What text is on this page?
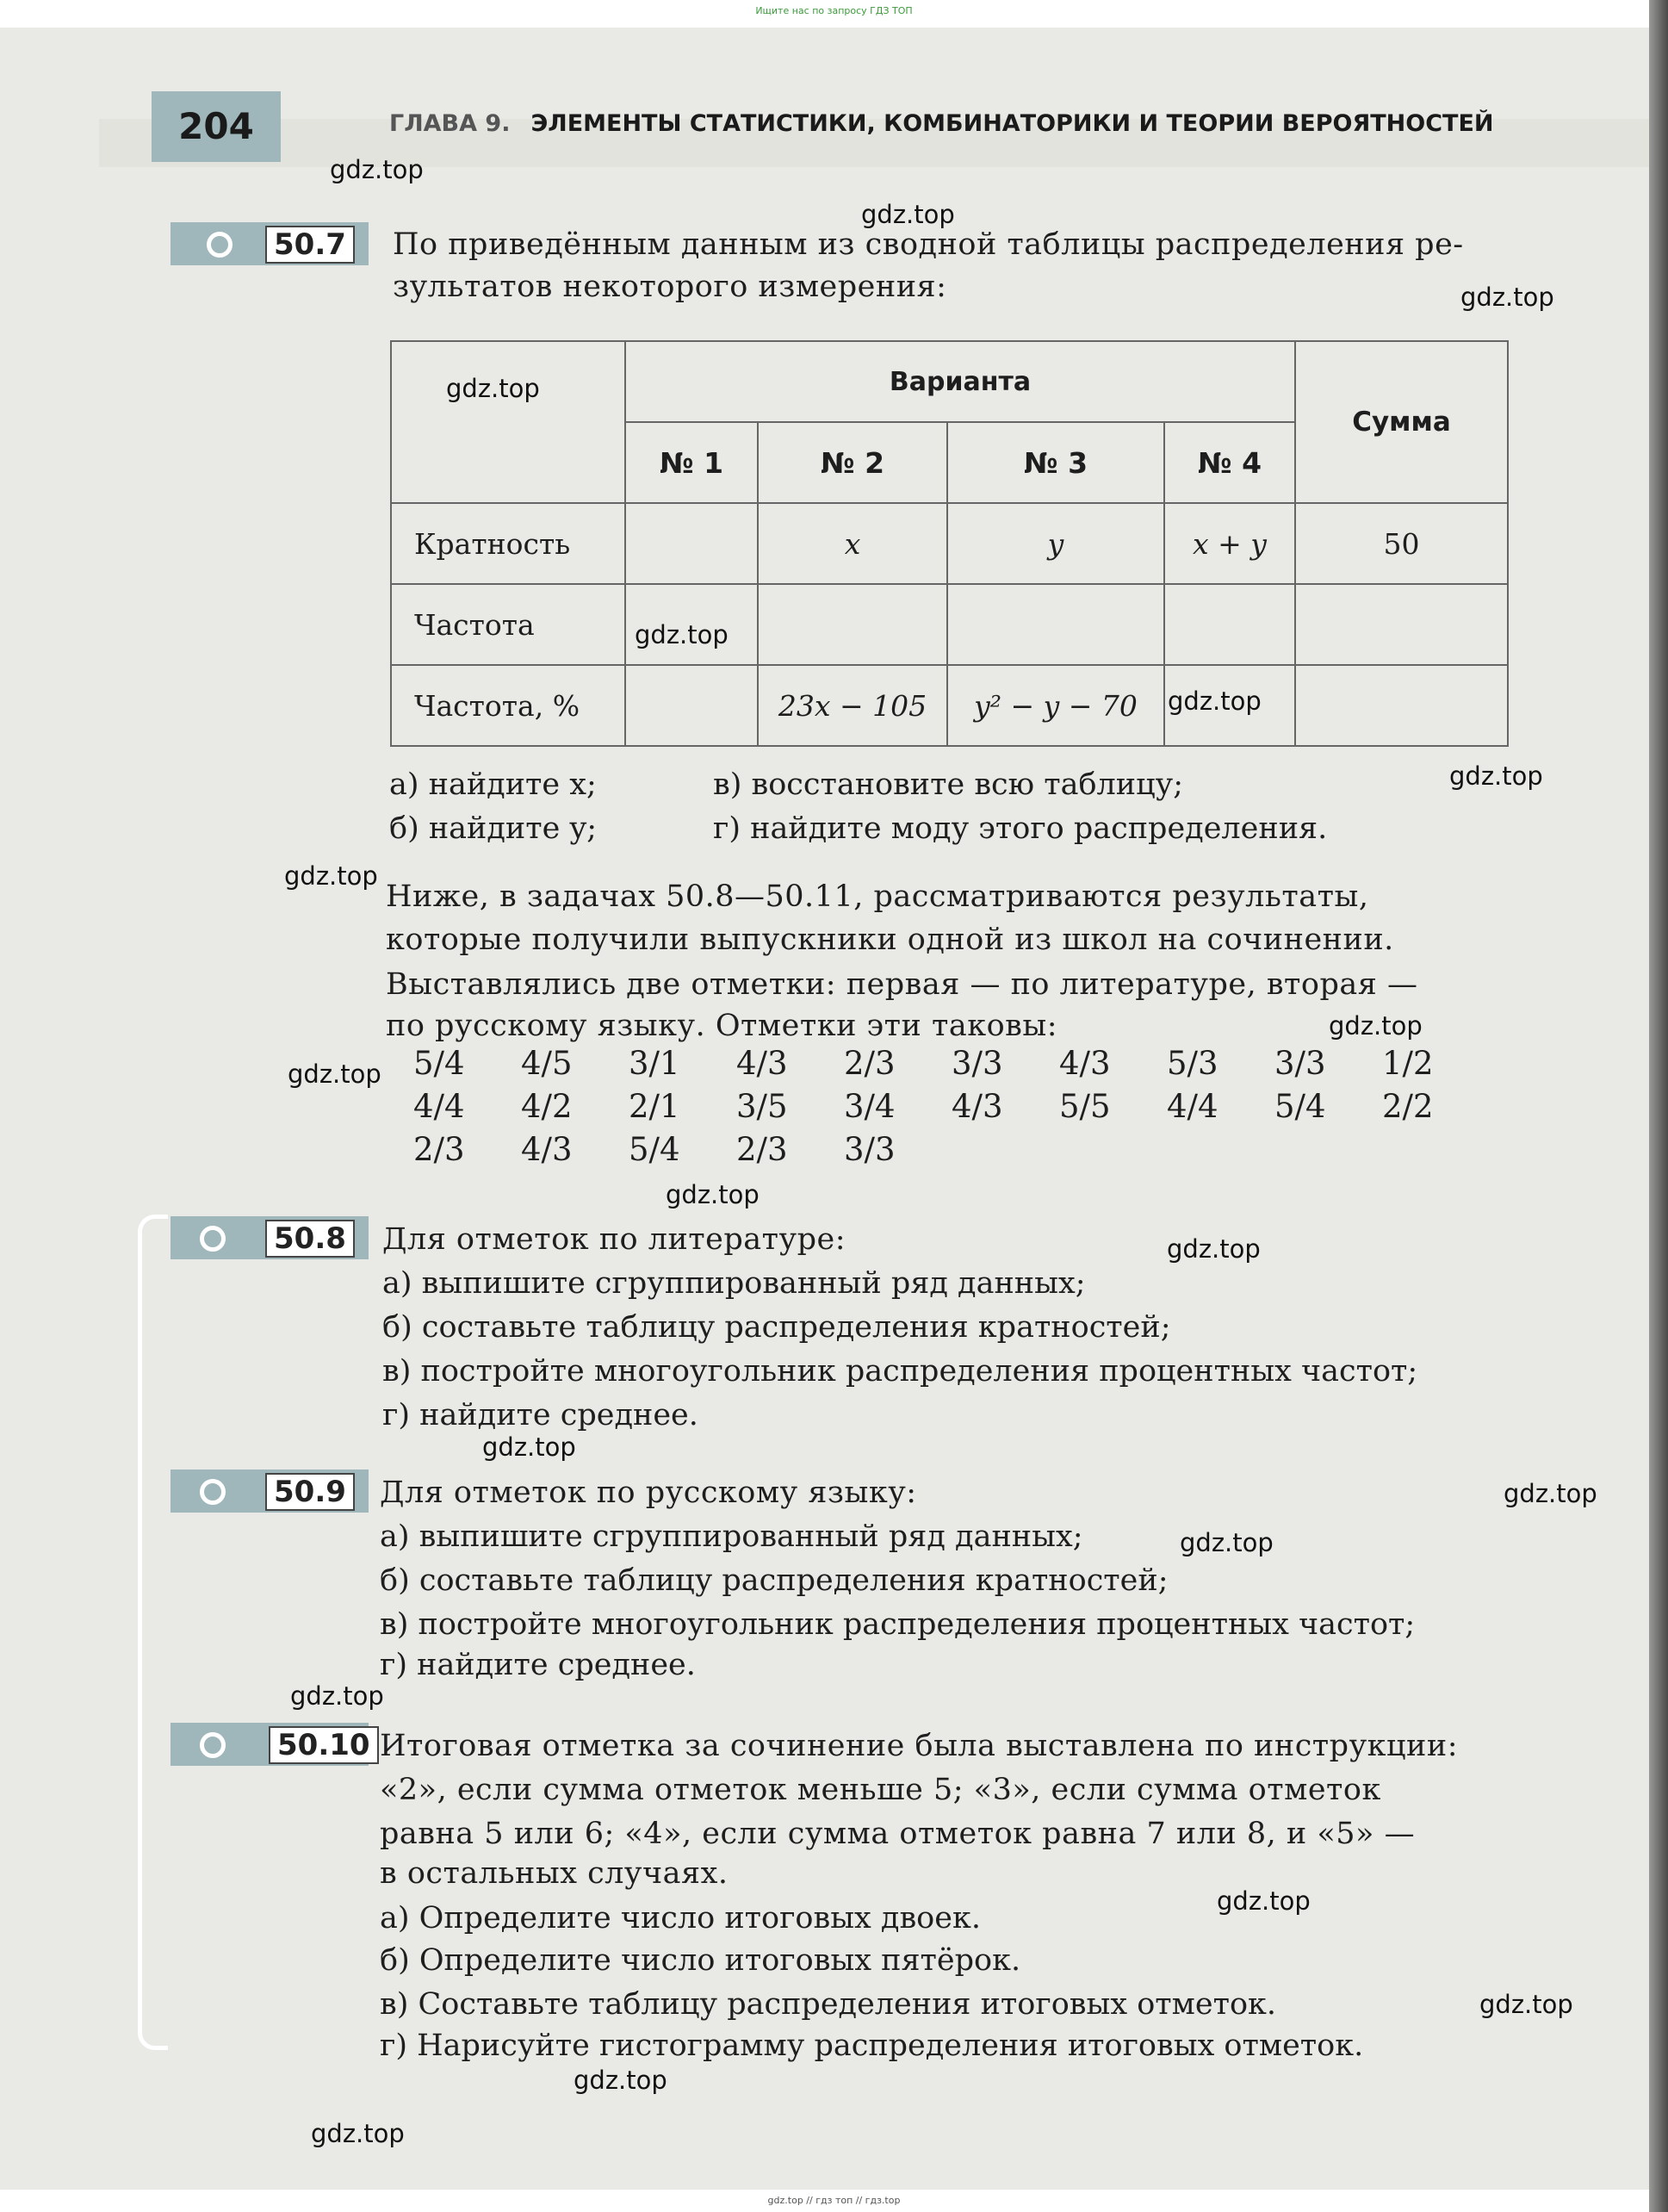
Ищите нас по запросу ГДЗ ТОП
204	ГЛАВА 9. ЭЛЕМЕНТЫ СТАТИСТИКИ, КОМБИНАТОРИКИ И ТЕОРИИ ВЕРОЯТНОСТЕЙ
gdz.top
gdz.top
gdz.top
gdz.top
gdz.top
gdz.top
gdz.top
gdz.top
gdz.top
gdz.top
gdz.top
gdz.top
gdz.top
gdz.top
gdz.top
gdz.top
gdz.top
gdz.top
gdz.top
gdz.top
50.7 По приведённым данным из сводной таблицы распределения ре-
зультатов некоторого измерения:
	Варианта				Сумма
	№ 1	№ 2	№ 3	№ 4	
Кратность		x	y	x + y	50
Частота					
Частота, %		23x − 105	y² − y − 70		
а) найдите x;
б) найдите y;
в) восстановите всю таблицу;
г) найдите моду этого распределения.
Ниже, в задачах 50.8—50.11, рассматриваются результаты,
которые получили выпускники одной из школ на сочинении.
Выставлялись две отметки: первая — по литературе, вторая —
по русскому языку. Отметки эти таковы:
5/4 4/5 3/1 4/3 2/3 3/3 4/3 5/3 3/3 1/2
4/4 4/2 2/1 3/5 3/4 4/3 5/5 4/4 5/4 2/2
2/3 4/3 5/4 2/3 3/3
50.8 Для отметок по литературе:
а) выпишите сгруппированный ряд данных;
б) составьте таблицу распределения кратностей;
в) постройте многоугольник распределения процентных частот;
г) найдите среднее.
50.9 Для отметок по русскому языку:
а) выпишите сгруппированный ряд данных;
б) составьте таблицу распределения кратностей;
в) постройте многоугольник распределения процентных частот;
г) найдите среднее.
50.10 Итоговая отметка за сочинение была выставлена по инструкции:
«2», если сумма отметок меньше 5; «3», если сумма отметок
равна 5 или 6; «4», если сумма отметок равна 7 или 8, и «5» —
в остальных случаях.
а) Определите число итоговых двоек.
б) Определите число итоговых пятёрок.
в) Составьте таблицу распределения итоговых отметок.
г) Нарисуйте гистограмму распределения итоговых отметок.
gdz.top // гдз топ // гдз.top
